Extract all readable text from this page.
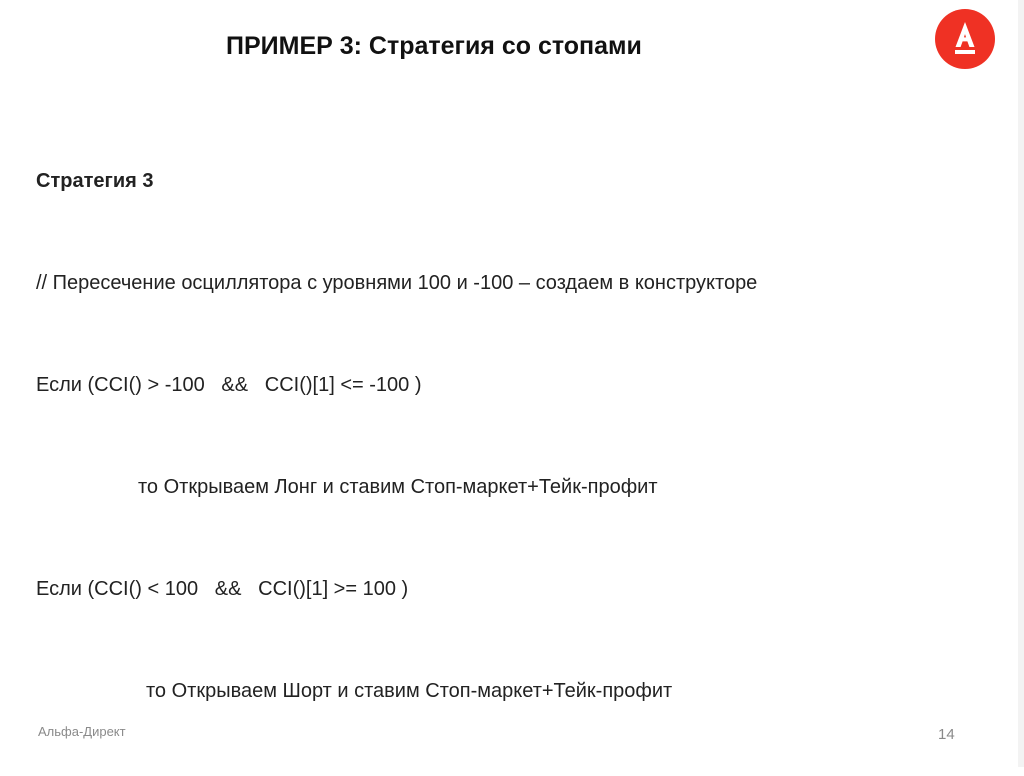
ПРИМЕР 3: Стратегия со стопами

Стратегия 3

// Пересечение осциллятора с уровнями 100 и -100 – создаем в конструкторе

Если (CCI() > -100   &&   CCI()[1] <= -100 )

то Открываем Лонг и ставим Стоп-маркет+Тейк-профит

Если (CCI() < 100   &&   CCI()[1] >= 100 )

то Открываем Шорт и ставим Стоп-маркет+Тейк-профит

Альфа-Директ	14
